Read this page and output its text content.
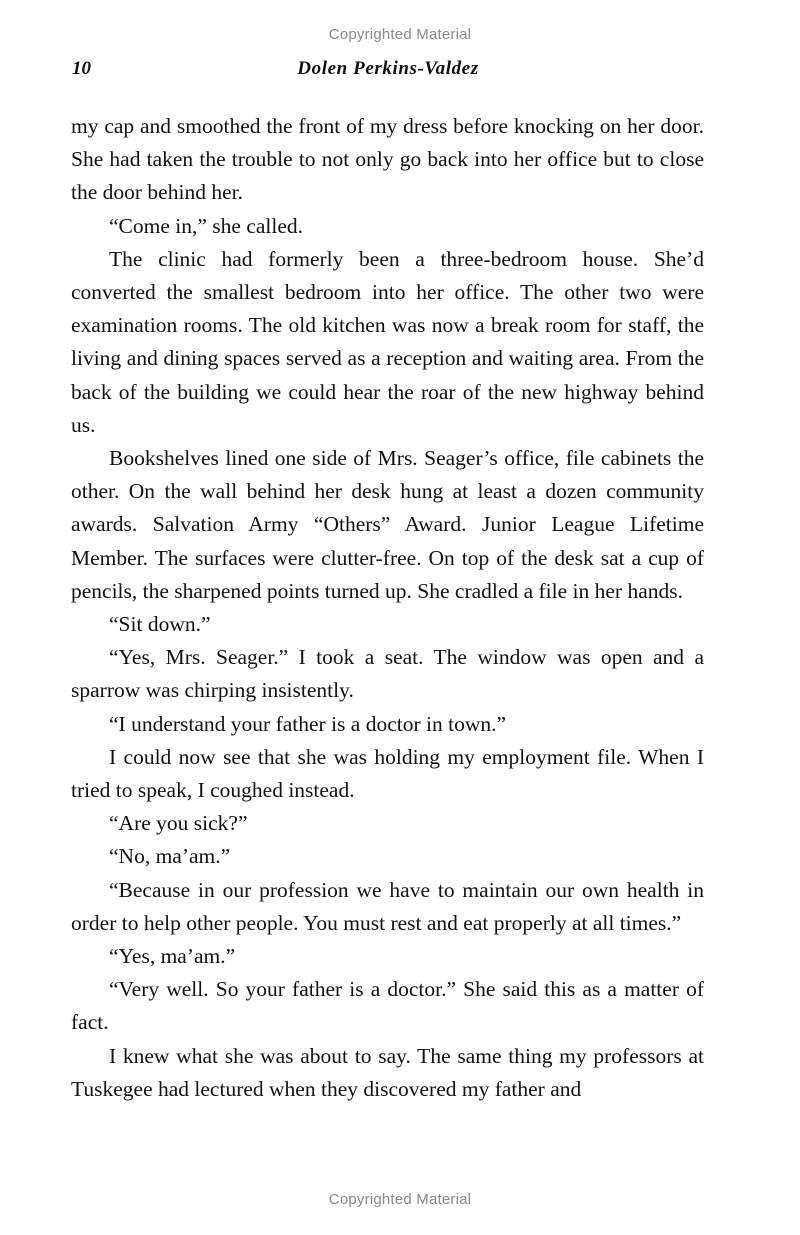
Copyrighted Material
10	Dolen Perkins-Valdez

my cap and smoothed the front of my dress before knocking on her door. She had taken the trouble to not only go back into her office but to close the door behind her.

“Come in,” she called.

The clinic had formerly been a three-bedroom house. She’d converted the smallest bedroom into her office. The other two were examination rooms. The old kitchen was now a break room for staff, the living and dining spaces served as a reception and waiting area. From the back of the building we could hear the roar of the new highway behind us.

Bookshelves lined one side of Mrs. Seager’s office, file cabinets the other. On the wall behind her desk hung at least a dozen community awards. Salvation Army “Others” Award. Junior League Lifetime Member. The surfaces were clutter-free. On top of the desk sat a cup of pencils, the sharpened points turned up. She cradled a file in her hands.

“Sit down.”

“Yes, Mrs. Seager.” I took a seat. The window was open and a sparrow was chirping insistently.

“I understand your father is a doctor in town.”

I could now see that she was holding my employment file. When I tried to speak, I coughed instead.

“Are you sick?”

“No, ma’am.”

“Because in our profession we have to maintain our own health in order to help other people. You must rest and eat properly at all times.”

“Yes, ma’am.”

“Very well. So your father is a doctor.” She said this as a matter of fact.

I knew what she was about to say. The same thing my professors at Tuskegee had lectured when they discovered my father and

Copyrighted Material
